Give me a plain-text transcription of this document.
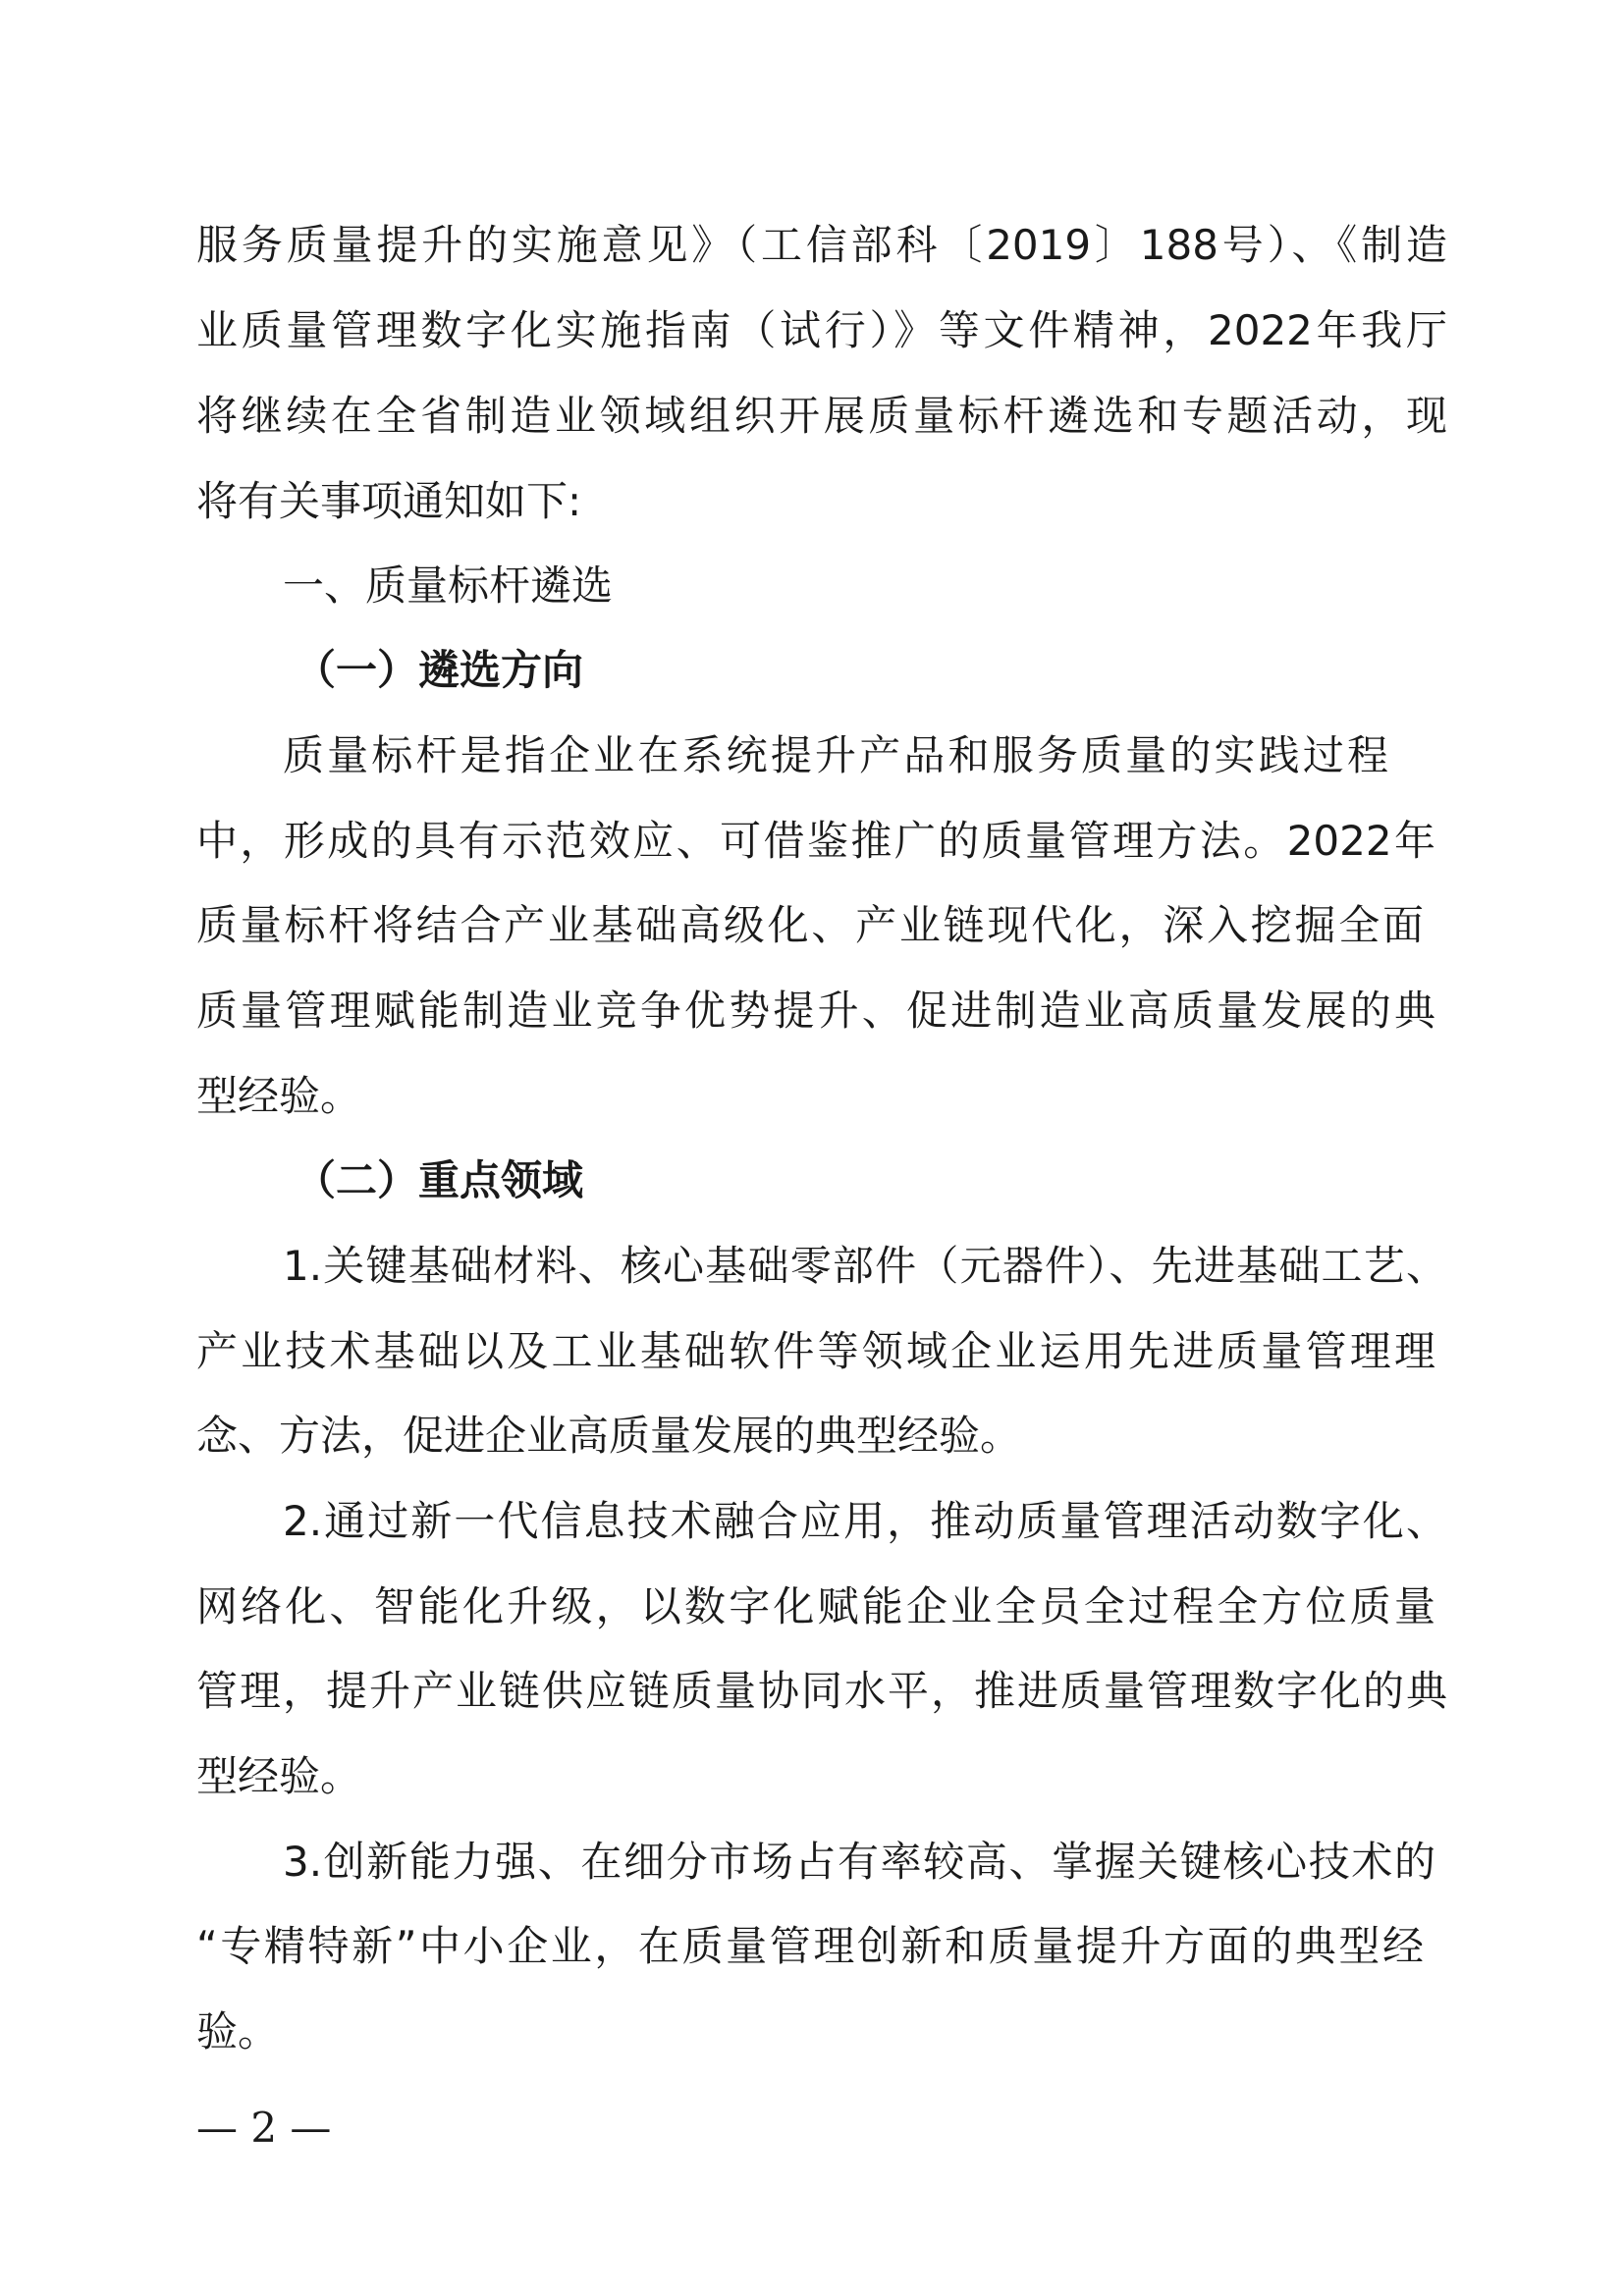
服务质量提升的实施意见》（工信部科〔2019〕188号）、《制造
业质量管理数字化实施指南（试行）》等文件精神，2022年我厅
将继续在全省制造业领域组织开展质量标杆遴选和专题活动，现
将有关事项通知如下:
一、质量标杆遴选
（一）遴选方向
质量标杆是指企业在系统提升产品和服务质量的实践过程
中，形成的具有示范效应、可借鉴推广的质量管理方法。2022年
质量标杆将结合产业基础高级化、产业链现代化，深入挖掘全面
质量管理赋能制造业竞争优势提升、促进制造业高质量发展的典
型经验。
（二）重点领域
1.关键基础材料、核心基础零部件（元器件）、先进基础工艺、
产业技术基础以及工业基础软件等领域企业运用先进质量管理理
念、方法，促进企业高质量发展的典型经验。
2.通过新一代信息技术融合应用，推动质量管理活动数字化、
网络化、智能化升级，以数字化赋能企业全员全过程全方位质量
管理，提升产业链供应链质量协同水平，推进质量管理数字化的典
型经验。
3.创新能力强、在细分市场占有率较高、掌握关键核心技术的
“专精特新”中小企业，在质量管理创新和质量提升方面的典型经
验。
— 2 —
